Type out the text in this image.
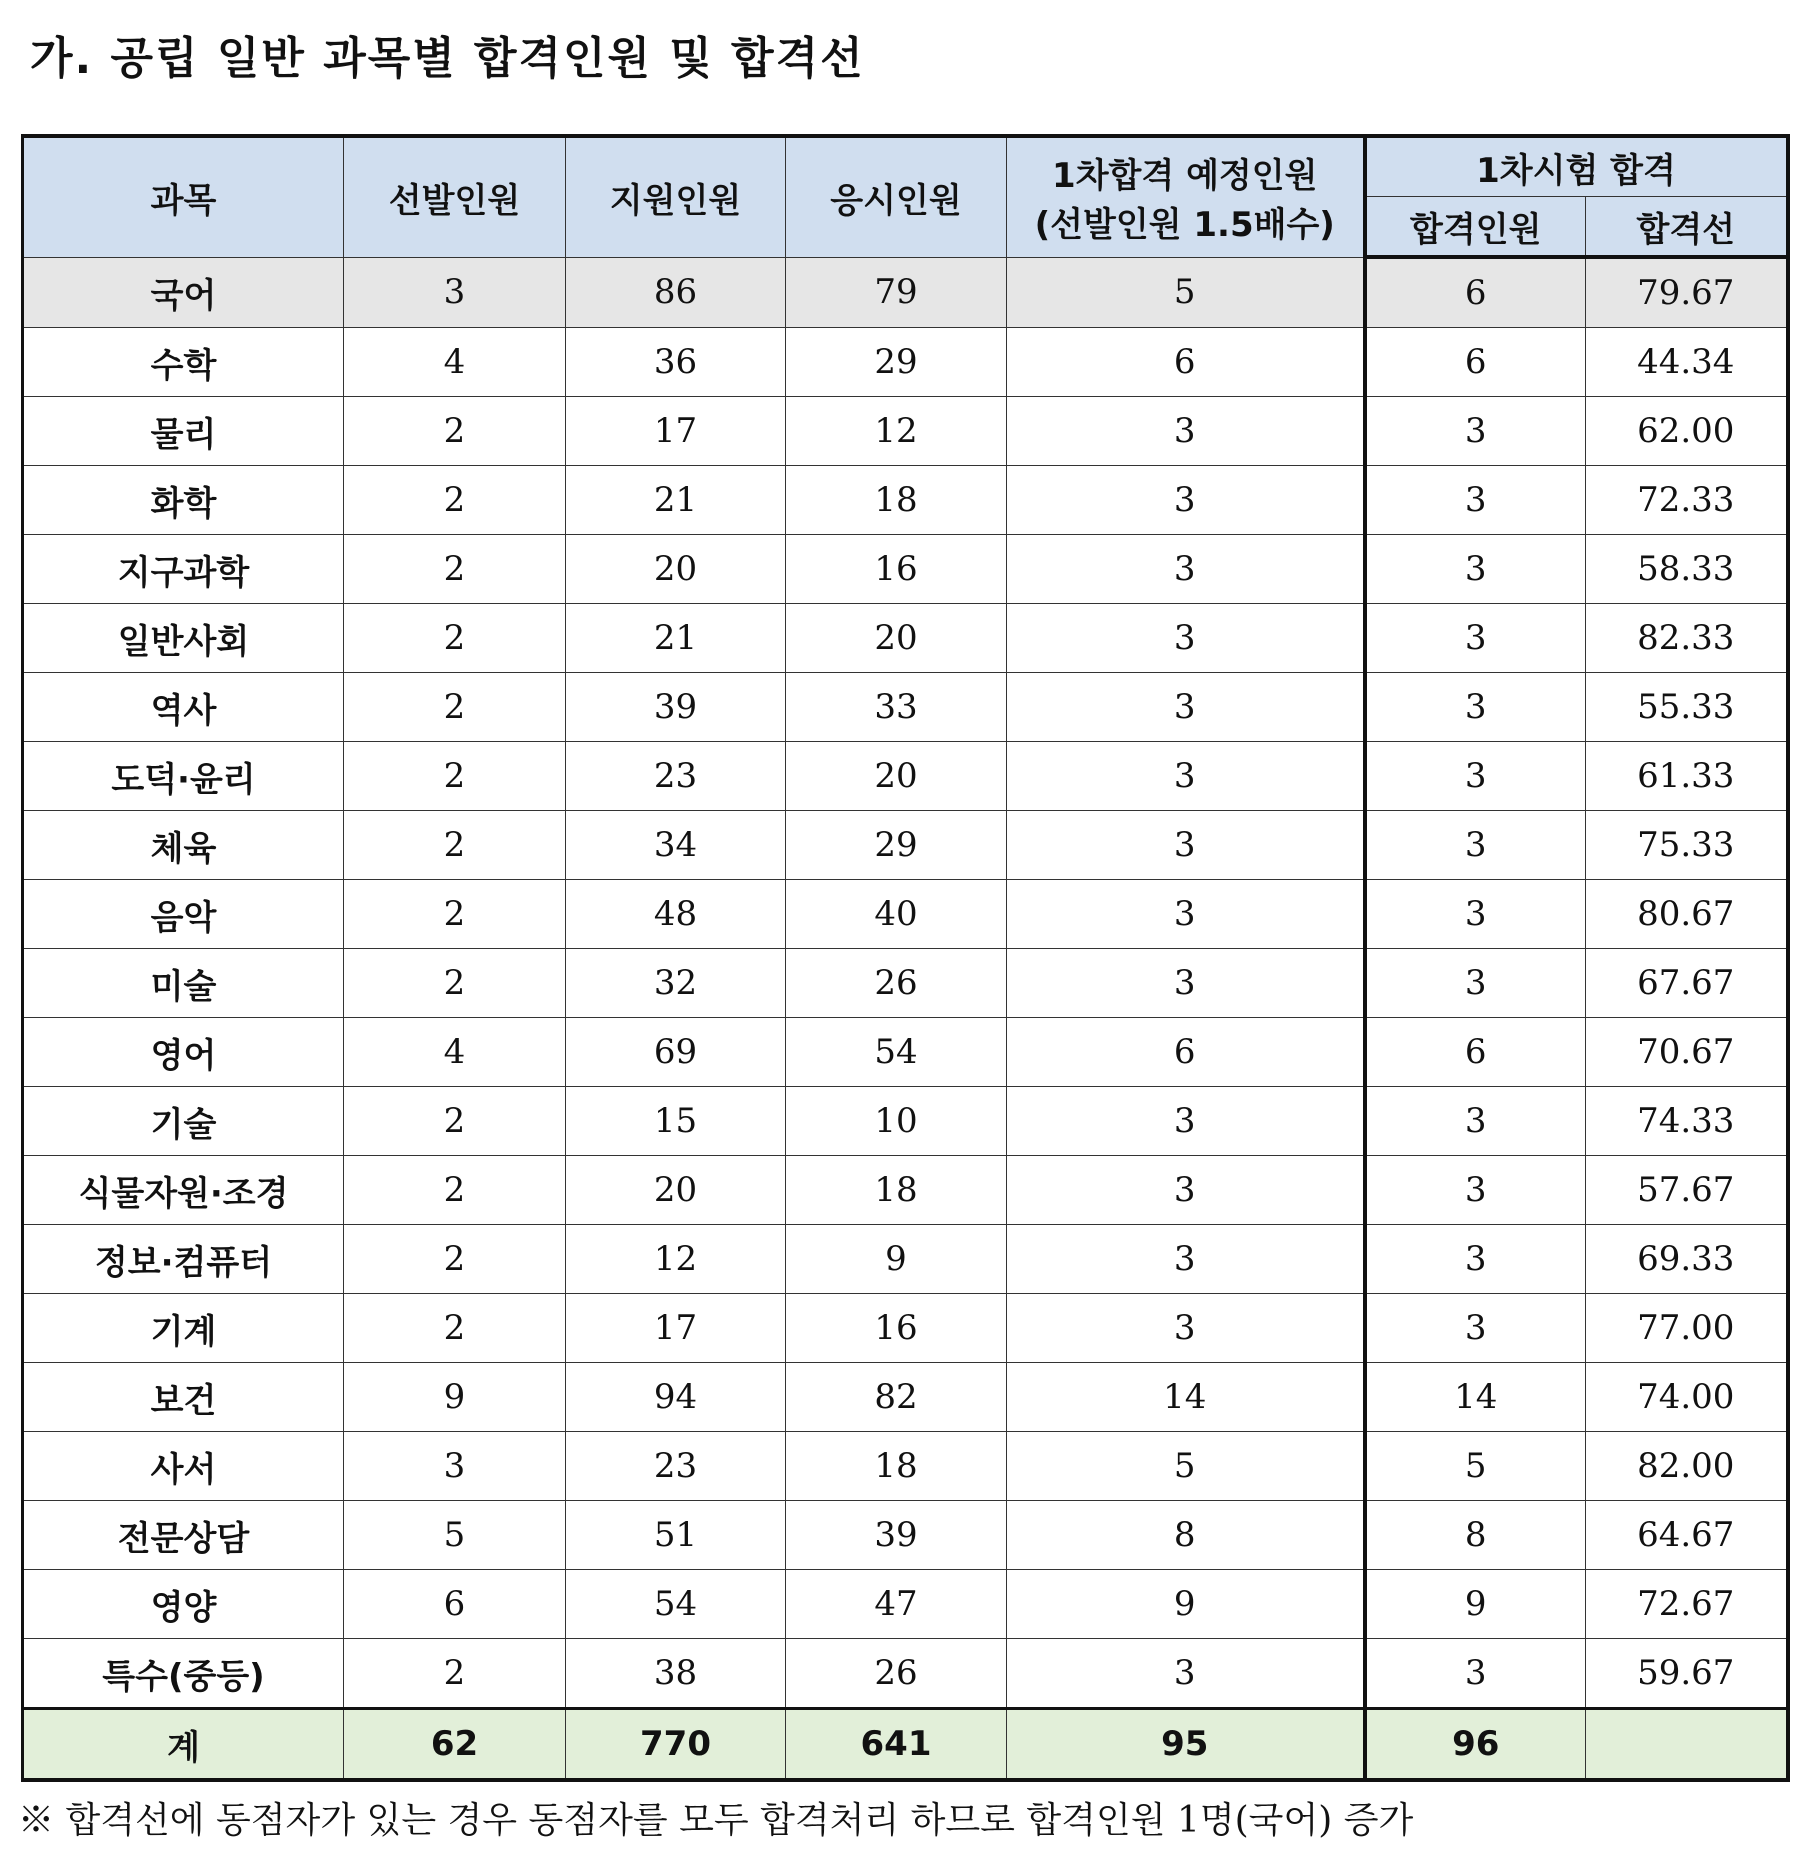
가. 공립 일반 과목별 합격인원 및 합격선
과목	선발인원	지원인원	응시인원	1차합격 예정인원
(선발인원 1.5배수)	1차시험 합격	
					합격인원	합격선
국어	3	86	79	5	6	79.67
수학	4	36	29	6	6	44.34
물리	2	17	12	3	3	62.00
화학	2	21	18	3	3	72.33
지구과학	2	20	16	3	3	58.33
일반사회	2	21	20	3	3	82.33
역사	2	39	33	3	3	55.33
도덕·윤리	2	23	20	3	3	61.33
체육	2	34	29	3	3	75.33
음악	2	48	40	3	3	80.67
미술	2	32	26	3	3	67.67
영어	4	69	54	6	6	70.67
기술	2	15	10	3	3	74.33
식물자원·조경	2	20	18	3	3	57.67
정보·컴퓨터	2	12	9	3	3	69.33
기계	2	17	16	3	3	77.00
보건	9	94	82	14	14	74.00
사서	3	23	18	5	5	82.00
전문상담	5	51	39	8	8	64.67
영양	6	54	47	9	9	72.67
특수(중등)	2	38	26	3	3	59.67
계	62	770	641	95	96	
※ 합격선에 동점자가 있는 경우 동점자를 모두 합격처리 하므로 합격인원 1명(국어) 증가
